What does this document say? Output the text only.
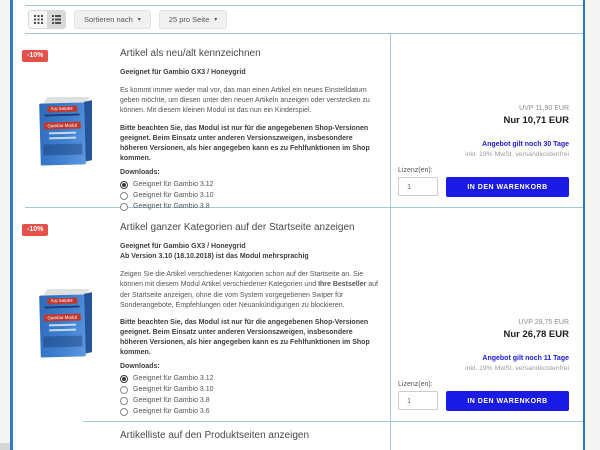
Sortieren nach ▾	25 pro Seite ▾
-10%
Kai Siepke
Gambio-Modul
Artikel als neu/alt kennzeichnen
Geeignet für Gambio GX3 / Honeygrid

Es kommt immer wieder mal vor, das man einen Artikel ein neues Einstelldatum geben möchte, um diesen unter den neuen Artikeln anzeigen oder verstecken zu können. Mit diesem kleinen Modul ist das nun ein Kinderspiel.

Bitte beachten Sie, das Modul ist nur für die angegebenen Shop-Versionen geeignet. Beim Einsatz unter anderen Versionszweigen, insbesondere höheren Versionen, als hier angegeben kann es zu Fehlfunktionen im Shop kommen.

Downloads:
Geeignet für Gambio 3.12
Geeignet für Gambio 3.10
Geeignet für Gambio 3.8
UVP 11,90 EUR
Nur 10,71 EUR
Angebot gilt noch 30 Tage
inkl. 19% MwSt. versandkostenfrei
Lizenz(en):
1
IN DEN WARENKORB
-10%
Kai Siepke
Gambio-Modul
Artikel ganzer Kategorien auf der Startseite anzeigen
Geeignet für Gambio GX3 / Honeygrid
Ab Version 3.10 (18.10.2018) ist das Modul mehrsprachig

Zeigen Sie die Artikel verschiedener Katgorien schon auf der Startseite an. Sie können mit diesem Modul Artikel verschiedener Kategorien und Ihre Bestseller auf der Startseite anzeigen, ohne die vom System vorgegebenen Swiper für Sonderangebote, Empfehlungen oder Neuankündigungen zu blockieren.

Bitte beachten Sie, das Modul ist nur für die angegebenen Shop-Versionen geeignet. Beim Einsatz unter anderen Versionszweigen, insbesondere höheren Versionen, als hier angegeben kann es zu Fehlfunktionen im Shop kommen.

Downloads:
Geeignet für Gambio 3.12
Geeignet für Gambio 3.10
Geeignet für Gambio 3.8
Geeignet für Gambio 3.6
UVP 29,75 EUR
Nur 26,78 EUR
Angebot gilt noch 11 Tage
inkl. 19% MwSt. versandkostenfrei
Lizenz(en):
1
IN DEN WARENKORB
Artikelliste auf den Produktseiten anzeigen
